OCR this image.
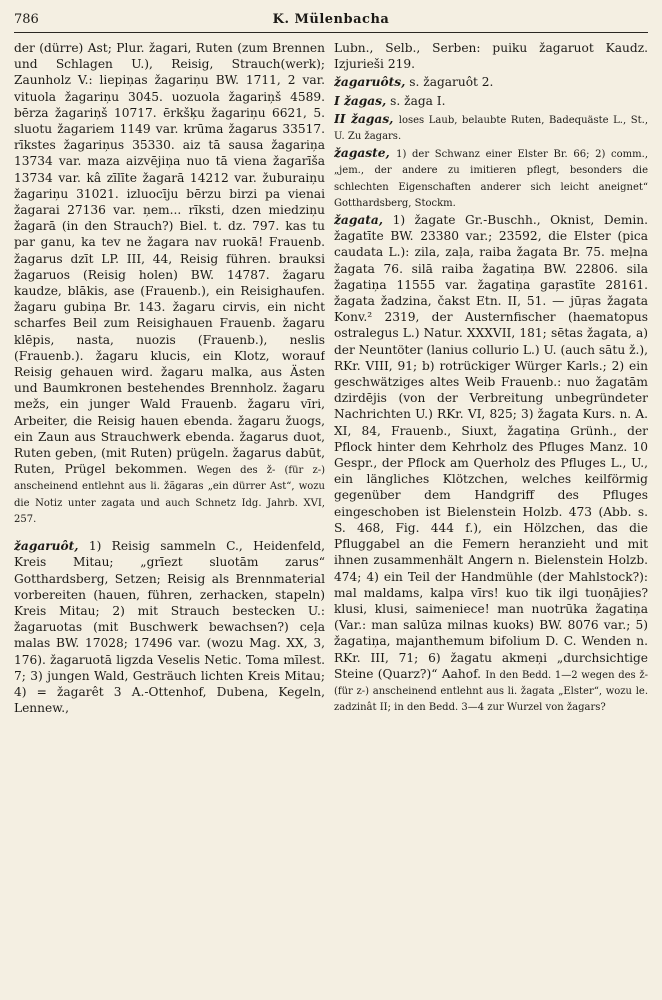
786	K. Mülenbacha

der (dürre) Ast; Plur. žagari, Ruten (zum Brennen und Schlagen U.), Reisig, Strauch(werk); Zaunholz V.: liepiņas žagariņu BW. 1711, 2 var. vituola žagariņu 3045. uozuola žagariņš 4589. bērza žagariņš 10717. ērkšķu žagariņu 6621, 5. sluotu žagariem 1149 var. krūma žagarus 33517. rīkstes žagariņus 35330. aiz tā sausa žagariņa 13734 var. maza aizvējiņa nuo tā viena žagarīša 13734 var. kâ zīlīte žagarā 14212 var. žuburaiņu žagariņu 31021. izluocīju bērzu birzi pa vienai žagarai 27136 var. ņem... rīksti, dzen miedziņu žagarā (in den Strauch?) Biel. t. dz. 797. kas tu par ganu, ka tev ne žagara nav ruokā! Frauenb. žagarus dzīt LP. III, 44, Reisig führen. brauksi žagaruos (Reisig holen) BW. 14787. žagaru kaudze, blākis, ase (Frauenb.), ein Reisighaufen. žagaru gubiņa Br. 143. žagaru cirvis, ein nicht scharfes Beil zum Reisighauen Frauenb. žagaru klēpis, nasta, nuozis (Frauenb.), neslis (Frauenb.). žagaru klucis, ein Klotz, worauf Reisig gehauen wird. žagaru malka, aus Ästen und Baumkronen bestehendes Brennholz. žagaru mežs, ein junger Wald Frauenb. žagaru vīri, Arbeiter, die Reisig hauen ebenda. žagaru žuogs, ein Zaun aus Strauchwerk ebenda. žagarus duot, Ruten geben, (mit Ruten) prügeln. žagarus dabūt, Ruten, Prügel bekommen. Wegen des ž- (für z-) anscheinend entlehnt aus li. žãgaras „ein dürrer Ast“, wozu die Notiz unter zagata und auch Schnetz Idg. Jahrb. XVI, 257.

žagaruôt, 1) Reisig sammeln C., Heidenfeld, Kreis Mitau; „grīezt sluotām zarus“ Gotthardsberg, Setzen; Reisig als Brennmaterial vorbereiten (hauen, führen, zerhacken, stapeln) Kreis Mitau; 2) mit Strauch bestecken U.: žagaruotas (mit Buschwerk bewachsen?) ceļa malas BW. 17028; 17496 var. (wozu Mag. XX, 3, 176). žagaruotā ligzda Veselis Netic. Toma mīlest. 7; 3) jungen Wald, Gesträuch lichten Kreis Mitau; 4) = žagarêt 3 A.-Ottenhof, Dubena, Kegeln, Lennew.,

Lubn., Selb., Serben: puiku žagaruot Kaudz. Izjurieši 219.

žagaruôts, s. žagaruôt 2.

I žagas, s. žaga I.

II žagas, loses Laub, belaubte Ruten, Badequäste L., St., U. Zu žagars.

žagaste, 1) der Schwanz einer Elster Br. 66; 2) comm., „jem., der andere zu imitieren pflegt, besonders die schlechten Eigenschaften anderer sich leicht aneignet“ Gotthardsberg, Stockm.

žagata, 1) žagate Gr.-Buschh., Oknist, Demin. žagatīte BW. 23380 var.; 23592, die Elster (pica caudata L.): zila, zaļa, raiba žagata Br. 75. meļna žagata 76. silā raiba žagatiņa BW. 22806. sila žagatiņa 11555 var. žagatiņa gaŗastīte 28161. žagata žadzina, čakst Etn. II, 51. — jūŗas žagata Konv.² 2319, der Austernfischer (haematopus ostralegus L.) Natur. XXXVII, 181; sētas žagata, a) der Neuntöter (lanius collurio L.) U. (auch sātu ž.), RKr. VIII, 91; b) rotrückiger Würger Karls.; 2) ein geschwätziges altes Weib Frauenb.: nuo žagatām dzirdējis (von der Verbreitung unbegründeter Nachrichten U.) RKr. VI, 825; 3) žagata Kurs. n. A. XI, 84, Frauenb., Siuxt, žagatiņa Grünh., der Pflock hinter dem Kehrholz des Pfluges Manz. 10 Gespr., der Pflock am Querholz des Pfluges L., U., ein längliches Klötzchen, welches keilförmig gegenüber dem Handgriff des Pfluges eingeschoben ist Bielenstein Holzb. 473 (Abb. s. S. 468, Fig. 444 f.), ein Hölzchen, das die Pfluggabel an die Femern heranzieht und mit ihnen zusammenhält Angern n. Bielenstein Holzb. 474; 4) ein Teil der Handmühle (der Mahlstock?): mal maldams, kalpa vīrs! kuo tik ilgi tuoņājies? klusi, klusi, saimeniece! man nuotrūka žagatiņa (Var.: man salūza milnas kuoks) BW. 8076 var.; 5) žagatiņa, majanthemum bifolium D. C. Wenden n. RKr. III, 71; 6) žagatu akmeņi „durchsichtige Steine (Quarz?)“ Aahof. In den Bedd. 1—2 wegen des ž- (für z-) anscheinend entlehnt aus li. žagata „Elster“, wozu le. zadzinât II; in den Bedd. 3—4 zur Wurzel von žagars?
